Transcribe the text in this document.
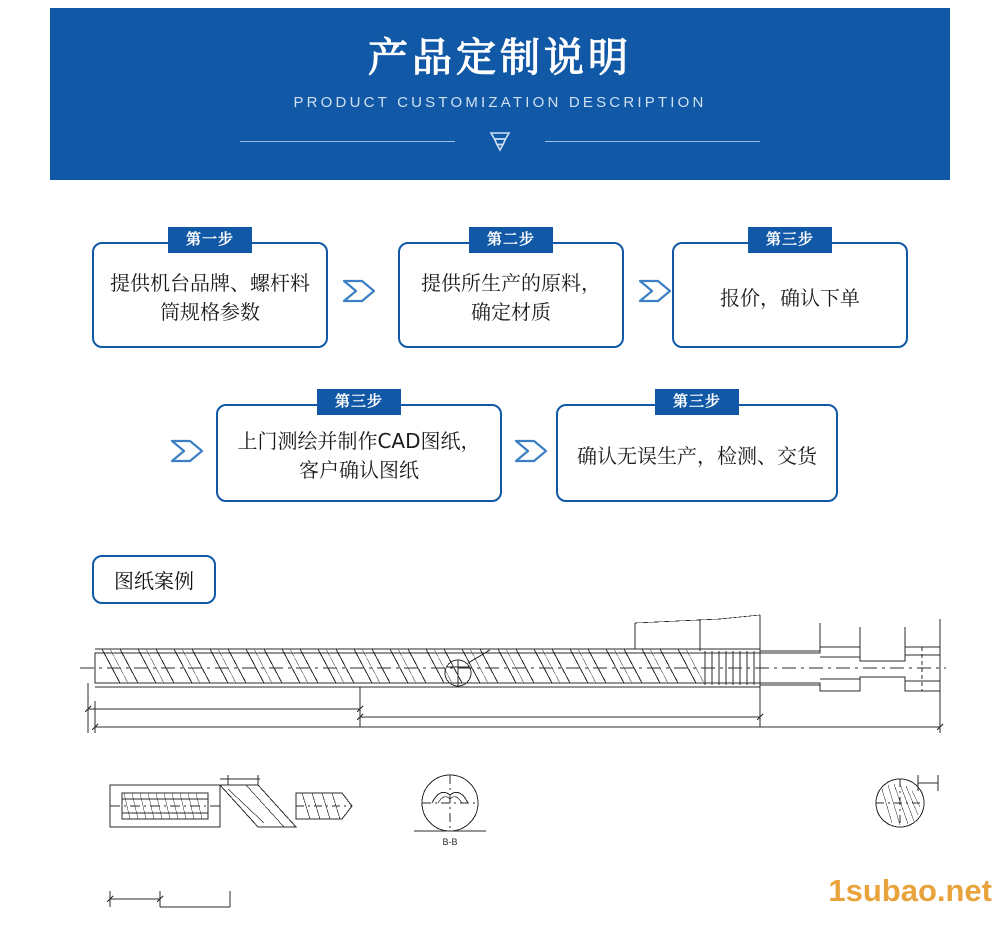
产品定制说明
PRODUCT CUSTOMIZATION DESCRIPTION
第一步
提供机台品牌、螺杆料筒规格参数
第二步
提供所生产的原料，确定材质
第三步
报价，确认下单
第三步
上门测绘并制作CAD图纸，客户确认图纸
第三步
确认无误生产，检测、交货
图纸案例
B-B
1subao.net
